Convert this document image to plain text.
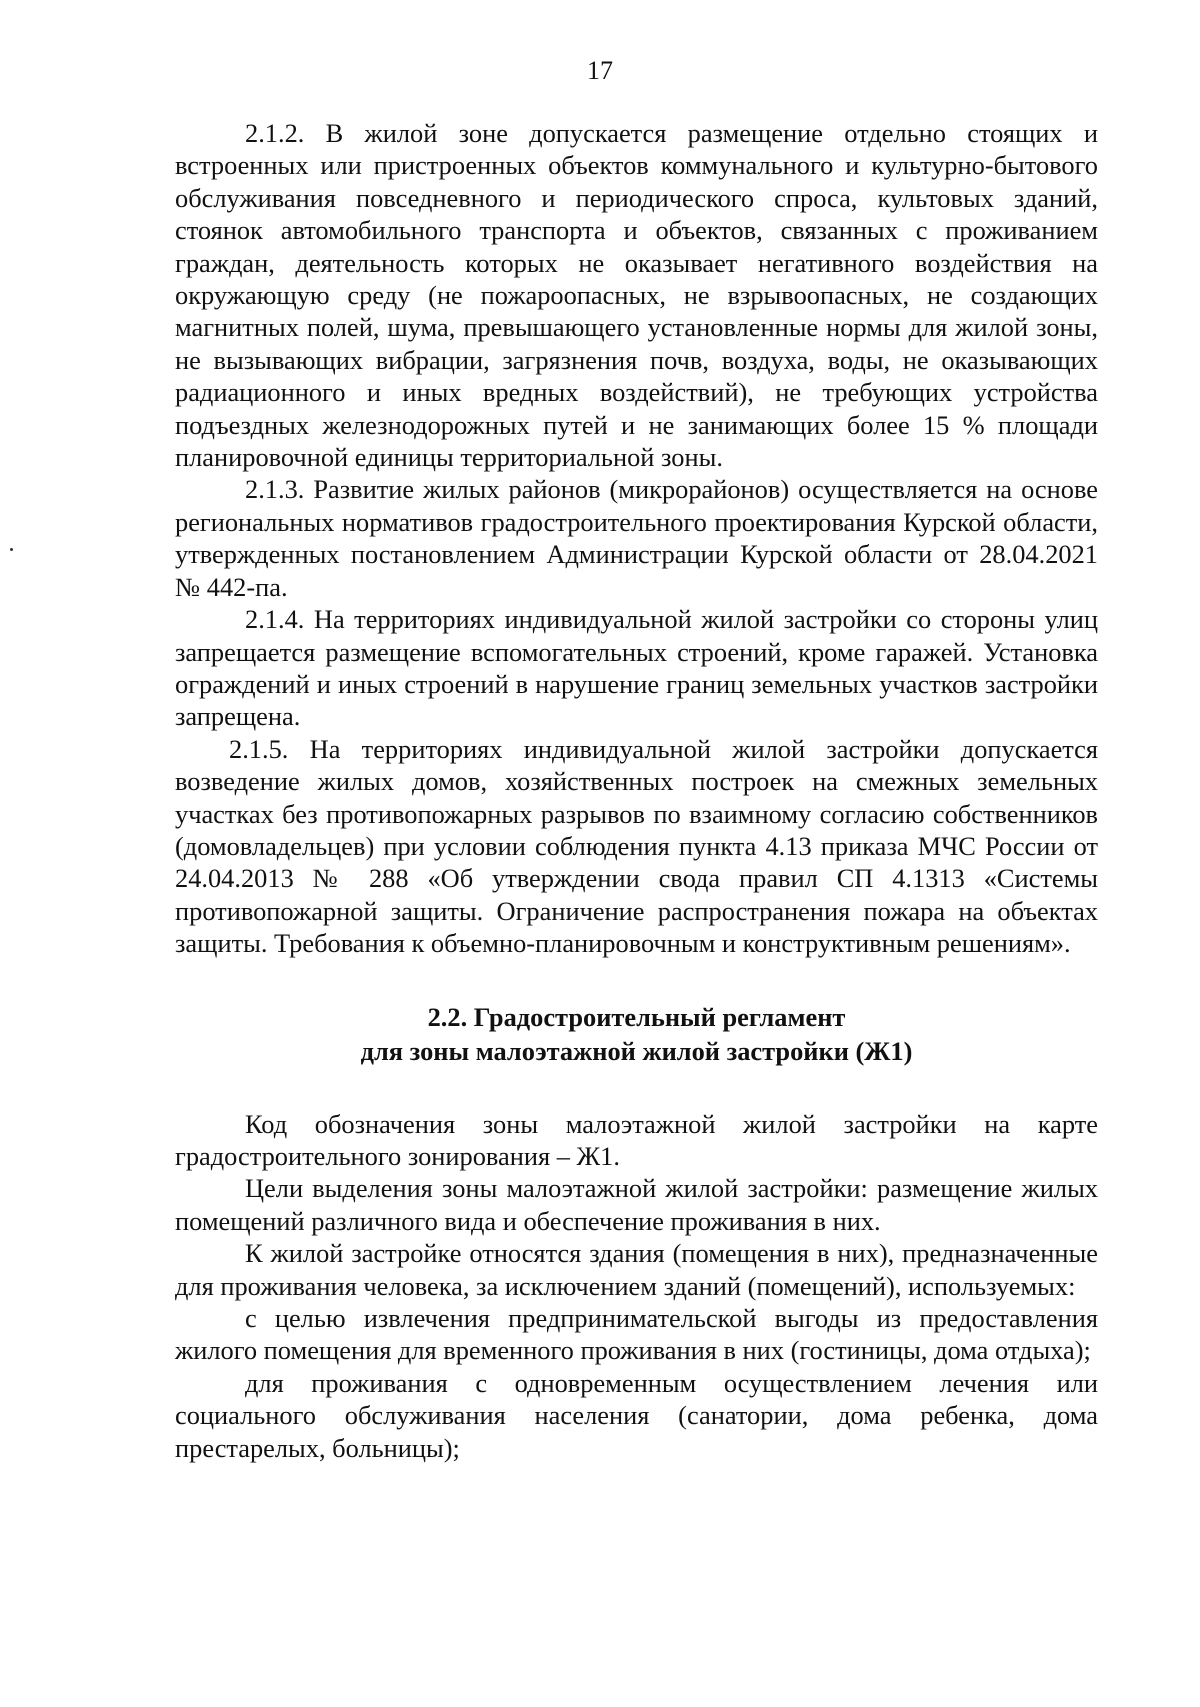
17

2.1.2. В жилой зоне допускается размещение отдельно стоящих и встроенных или пристроенных объектов коммунального и культурно-бытового обслуживания повседневного и периодического спроса, культовых зданий, стоянок автомобильного транспорта и объектов, связанных с проживанием граждан, деятельность которых не оказывает негативного воздействия на окружающую среду (не пожароопасных, не взрывоопасных, не создающих магнитных полей, шума, превышающего установленные нормы для жилой зоны, не вызывающих вибрации, загрязнения почв, воздуха, воды, не оказывающих радиационного и иных вредных воздействий), не требующих устройства подъездных железнодорожных путей и не занимающих более 15 % площади планировочной единицы территориальной зоны.

2.1.3. Развитие жилых районов (микрорайонов) осуществляется на основе региональных нормативов градостроительного проектирования Курской области, утвержденных постановлением Администрации Курской области от 28.04.2021 № 442-па.

2.1.4. На территориях индивидуальной жилой застройки со стороны улиц запрещается размещение вспомогательных строений, кроме гаражей. Установка ограждений и иных строений в нарушение границ земельных участков застройки запрещена.

2.1.5. На территориях индивидуальной жилой застройки допускается возведение жилых домов, хозяйственных построек на смежных земельных участках без противопожарных разрывов по взаимному согласию собственников (домовладельцев) при условии соблюдения пункта 4.13 приказа МЧС России от 24.04.2013 № 288 «Об утверждении свода правил СП 4.1313 «Системы противопожарной защиты. Ограничение распространения пожара на объектах защиты. Требования к объемно-планировочным и конструктивным решениям».

2.2. Градостроительный регламент

для зоны малоэтажной жилой застройки (Ж1)

Код обозначения зоны малоэтажной жилой застройки на карте градостроительного зонирования – Ж1.

Цели выделения зоны малоэтажной жилой застройки: размещение жилых помещений различного вида и обеспечение проживания в них.

К жилой застройке относятся здания (помещения в них), предназначенные для проживания человека, за исключением зданий (помещений), используемых:

с целью извлечения предпринимательской выгоды из предоставления жилого помещения для временного проживания в них (гостиницы, дома отдыха);

для проживания с одновременным осуществлением лечения или социального обслуживания населения (санатории, дома ребенка, дома престарелых, больницы);
